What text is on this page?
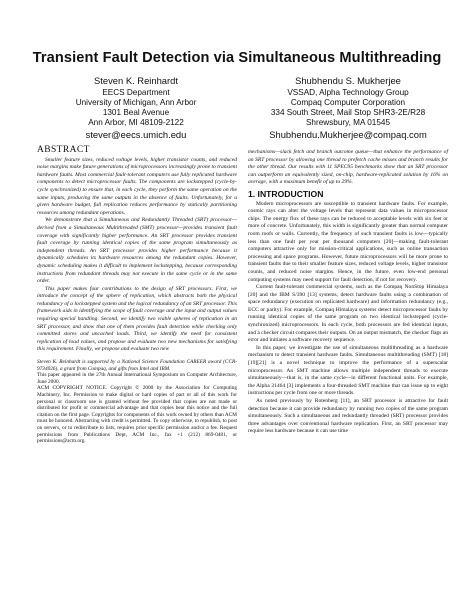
Transient Fault Detection via Simultaneous Multithreading
Steven K. Reinhardt
EECS Department
University of Michigan, Ann Arbor
1301 Beal Avenue
Ann Arbor, MI 48109-2122
stever@eecs.umich.edu
Shubhendu S. Mukherjee
VSSAD, Alpha Technology Group
Compaq Computer Corporation
334 South Street, Mail Stop SHR3-2E/R28
Shrewsbury, MA 01545
Shubhendu.Mukherjee@compaq.com
ABSTRACT

Smaller feature sizes, reduced voltage levels, higher transistor counts, and reduced noise margins make future generations of microprocessors increasingly prone to transient hardware faults. Most commercial fault-tolerant computers use fully replicated hardware components to detect microprocessor faults. The components are lockstepped (cycle-by-cycle synchronized) to ensure that, in each cycle, they perform the same operation on the same inputs, producing the same outputs in the absence of faults. Unfortunately, for a given hardware budget, full replication reduces performance by statically partitioning resources among redundant operations.

We demonstrate that a Simultaneous and Redundantly Threaded (SRT) processor—derived from a Simultaneous Multithreaded (SMT) processor—provides transient fault coverage with significantly higher performance. An SRT processor provides transient fault coverage by running identical copies of the same program simultaneously as independent threads. An SRT processor provides higher performance because it dynamically schedules its hardware resources among the redundant copies. However, dynamic scheduling makes it difficult to implement lockstepping, because corresponding instructions from redundant threads may not execute in the same cycle or in the same order.

This paper makes four contributions to the design of SRT processors. First, we introduce the concept of the sphere of replication, which abstracts both the physical redundancy of a lockstepped system and the logical redundancy of an SRT processor. This framework aids in identifying the scope of fault coverage and the input and output values requiring special handling. Second, we identify two viable spheres of replication in an SRT processor, and show that one of them provides fault detection while checking only committed stores and uncached loads. Third, we identify the need for consistent replication of load values, and propose and evaluate two new mechanisms for satisfying this requirement. Finally, we propose and evaluate two new

Steven K. Reinhardt is supported by a National Science Foundation CAREER award (CCR-9734026), a grant from Compaq, and gifts from Intel and IBM.

This paper appeared in the 27th Annual International Symposium on Computer Architecture, June 2000.

ACM COPYRIGHT NOTICE. Copyright © 2000 by the Association for Computing Machinery, Inc. Permission to make digital or hard copies of part or all of this work for personal or classroom use is granted without fee provided that copies are not made or distributed for profit or commercial advantage and that copies bear this notice and the full citation on the first page. Copyrights for components of this work owned by others than ACM must be honored. Abstracting with credit is permitted. To copy otherwise, to republish, to post on servers, or to redistribute to lists, requires prior specific permission and/or a fee. Request permissions from Publications Dept, ACM Inc., fax +1 (212) 869-0481, or permissions@acm.org.

mechanisms—slack fetch and branch outcome queue—that enhance the performance of an SRT processor by allowing one thread to prefetch cache misses and branch results for the other thread. Our results with 11 SPEC95 benchmarks show that an SRT processor can outperform an equivalently sized, on-chip, hardware-replicated solution by 16% on average, with a maximum benefit of up to 29%.

1. INTRODUCTION

Modern microprocessors are susceptible to transient hardware faults. For example, cosmic rays can alter the voltage levels that represent data values in microprocessor chips. The energy flux of these rays can be reduced to acceptable levels with six feet or more of concrete. Unfortunately, this width is significantly greater than normal computer room roofs or walls. Currently, the frequency of such transient faults is low—typically less than one fault per year per thousand computers [20]—making fault-tolerant computers attractive only for mission-critical applications, such as online transaction processing and space programs. However, future microprocessors will be more prone to transient faults due to their smaller feature sizes, reduced voltage levels, higher transistor counts, and reduced noise margins. Hence, in the future, even low-end personal computing systems may need support for fault detection, if not for recovery.

Current fault-tolerant commercial systems, such as the Compaq NonStop Himalaya [20] and the IBM S/390 [13] systems, detect hardware faults using a combination of space redundancy (execution on replicated hardware) and information redundancy (e.g., ECC or parity). For example, Compaq Himalaya systems detect microprocessor faults by running identical copies of the same program on two identical lockstepped (cycle-synchronized) microprocessors. In each cycle, both processors are fed identical inputs, and a checker circuit compares their outputs. On an output mismatch, the checker flags an error and initiates a software recovery sequence.

In this paper, we investigate the use of simultaneous multithreading as a hardware mechanism to detect transient hardware faults. Simultaneous multithreading (SMT) [18][19][21] is a novel technique to improve the performance of a superscalar microprocessor. An SMT machine allows multiple independent threads to execute simultaneously—that is, in the same cycle—in different functional units. For example, the Alpha 21464 [3] implements a four-threaded SMT machine that can issue up to eight instructions per cycle from one or more threads.

As noted previously by Rotenberg [11], an SRT processor is attractive for fault detection because it can provide redundancy by running two copies of the same program simultaneously. Such a simultaneous and redundantly threaded (SRT) processor provides three advantages over conventional hardware replication. First, an SRT processor may require less hardware because it can use time
